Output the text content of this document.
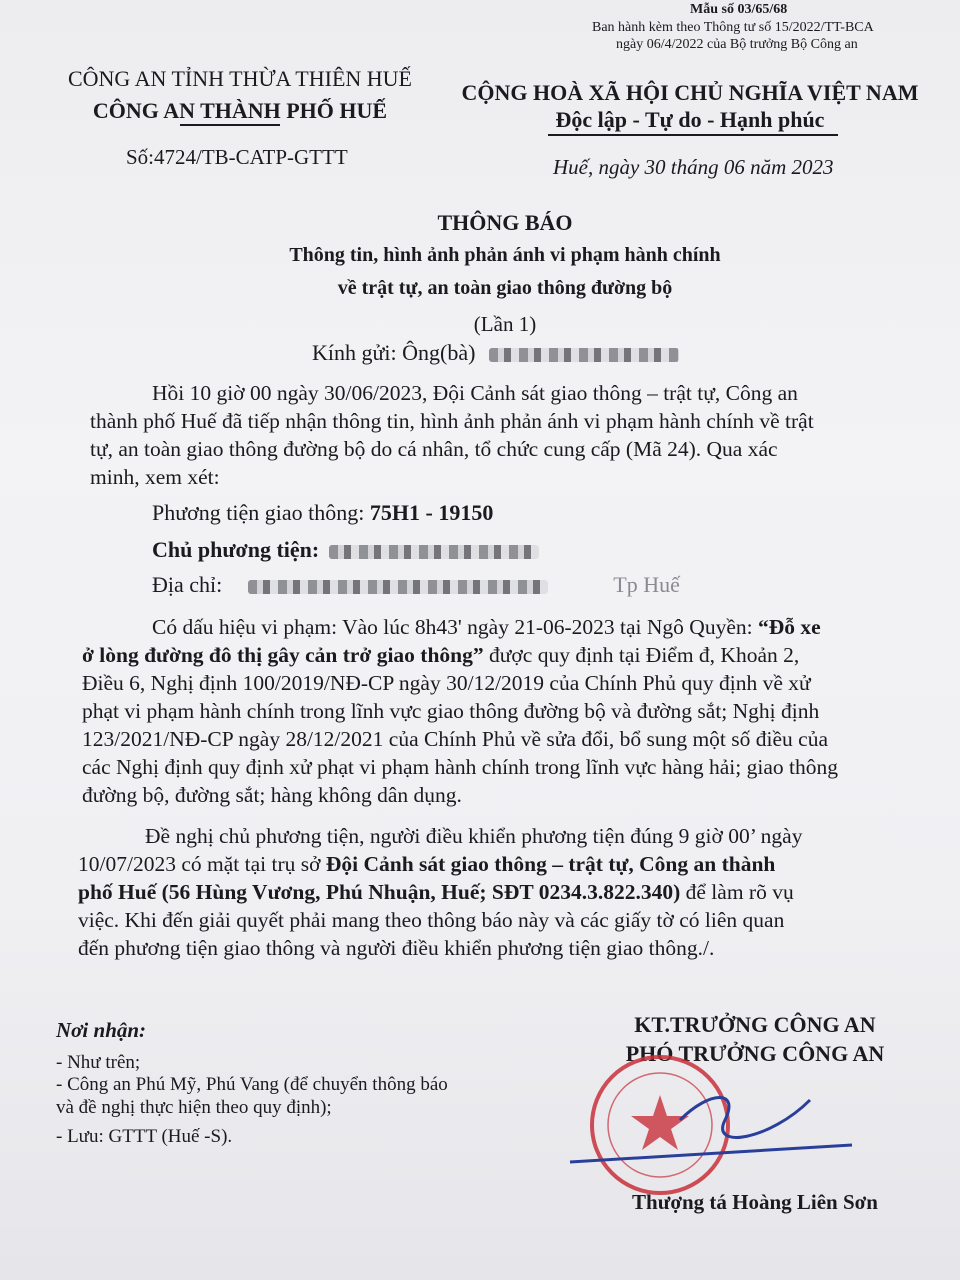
Mẫu số 03/65/68
Ban hành kèm theo Thông tư số 15/2022/TT-BCA
ngày 06/4/2022 của Bộ trưởng Bộ Công an
CÔNG AN TỈNH THỪA THIÊN HUẾ
CÔNG AN THÀNH PHỐ HUẾ
Số:4724/TB-CATP-GTTT
CỘNG HOÀ XÃ HỘI CHỦ NGHĨA VIỆT NAM
Độc lập - Tự do - Hạnh phúc
Huế, ngày 30 tháng 06 năm 2023
THÔNG BÁO
Thông tin, hình ảnh phản ánh vi phạm hành chính
về trật tự, an toàn giao thông đường bộ
(Lần 1)
Kính gửi: Ông(bà)
Hồi 10 giờ 00 ngày 30/06/2023, Đội Cảnh sát giao thông – trật tự, Công an
thành phố Huế đã tiếp nhận thông tin, hình ảnh phản ánh vi phạm hành chính về trật
tự, an toàn giao thông đường bộ do cá nhân, tổ chức cung cấp (Mã 24). Qua xác
minh, xem xét:
Phương tiện giao thông: 75H1 - 19150
Chủ phương tiện:
Địa chỉ:	Tp Huế
Có dấu hiệu vi phạm: Vào lúc 8h43' ngày 21-06-2023 tại Ngô Quyền: “Đỗ xe
ở lòng đường đô thị gây cản trở giao thông” được quy định tại Điểm đ, Khoản 2,
Điều 6, Nghị định 100/2019/NĐ-CP ngày 30/12/2019 của Chính Phủ quy định về xử
phạt vi phạm hành chính trong lĩnh vực giao thông đường bộ và đường sắt; Nghị định
123/2021/NĐ-CP ngày 28/12/2021 của Chính Phủ về sửa đổi, bổ sung một số điều của
các Nghị định quy định xử phạt vi phạm hành chính trong lĩnh vực hàng hải; giao thông
đường bộ, đường sắt; hàng không dân dụng.
Đề nghị chủ phương tiện, người điều khiển phương tiện đúng 9 giờ 00’ ngày
10/07/2023 có mặt tại trụ sở Đội Cảnh sát giao thông – trật tự, Công an thành
phố Huế (56 Hùng Vương, Phú Nhuận, Huế; SĐT 0234.3.822.340) để làm rõ vụ
việc. Khi đến giải quyết phải mang theo thông báo này và các giấy tờ có liên quan
đến phương tiện giao thông và người điều khiển phương tiện giao thông./.
Nơi nhận:
- Như trên;
- Công an Phú Mỹ, Phú Vang (để chuyển thông báo
và đề nghị thực hiện theo quy định);
- Lưu: GTTT (Huế -S).
KT.TRƯỞNG CÔNG AN
PHÓ TRƯỞNG CÔNG AN
Thượng tá Hoàng Liên Sơn
